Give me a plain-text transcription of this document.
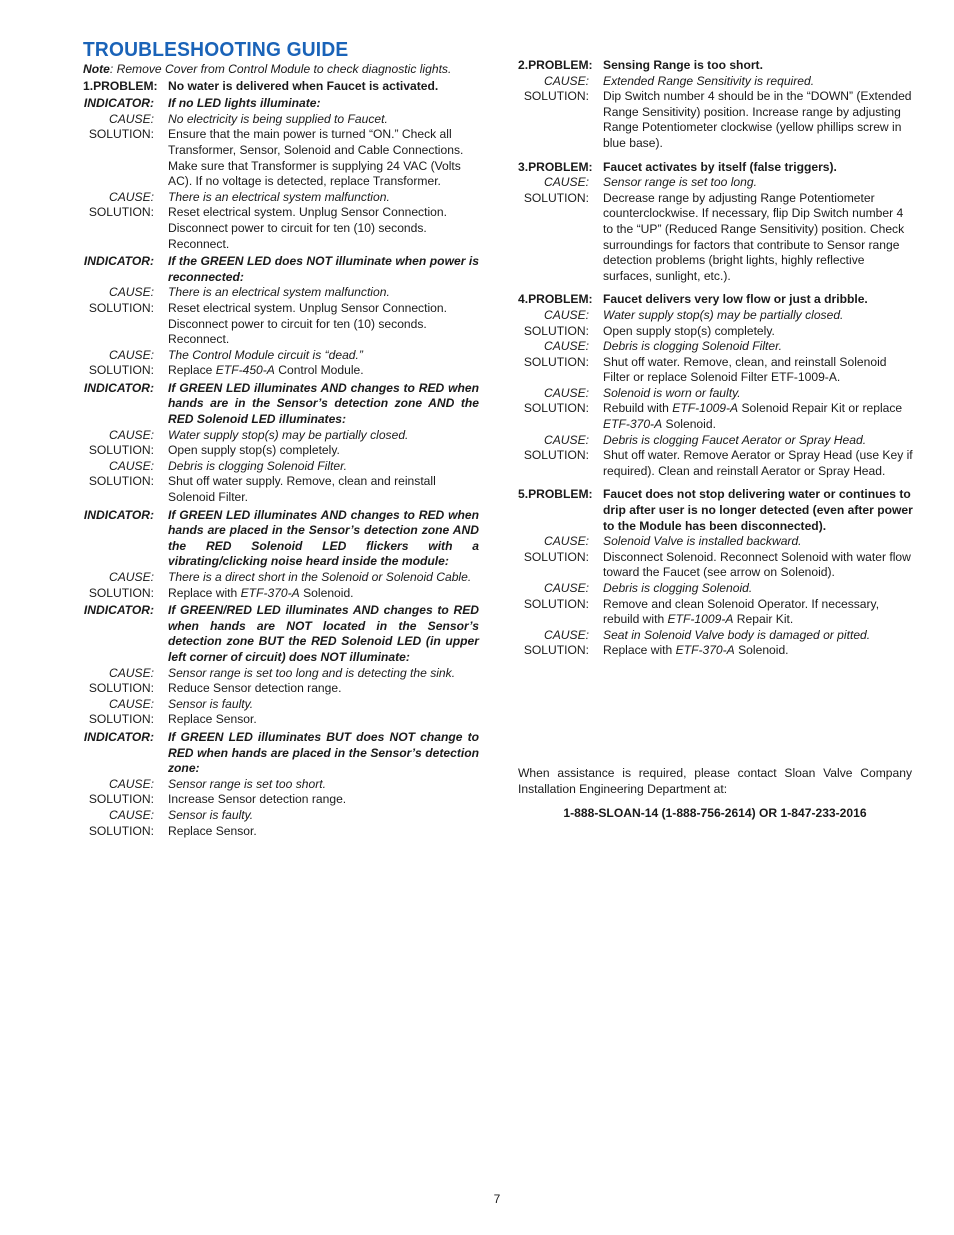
TROUBLESHOOTING GUIDE
Note: Remove Cover from Control Module to check diagnostic lights.
1.PROBLEM: No water is delivered when Faucet is activated.
INDICATOR:	If no LED lights illuminate:
CAUSE:	No electricity is being supplied to Faucet.
SOLUTION:	Ensure that the main power is turned “ON.” Check all Transformer, Sensor, Solenoid and Cable Connections. Make sure that Transformer is supplying 24 VAC (Volts AC). If no voltage is detected, replace Transformer.
CAUSE:	There is an electrical system malfunction.
SOLUTION:	Reset electrical system. Unplug Sensor Connection. Disconnect power to circuit for ten (10) seconds. Reconnect.
INDICATOR:	If the GREEN LED does NOT illuminate when power is reconnected:
CAUSE:	There is an electrical system malfunction.
SOLUTION:	Reset electrical system. Unplug Sensor Connection. Disconnect power to circuit for ten (10) seconds. Reconnect.
CAUSE:	The Control Module circuit is “dead.”
SOLUTION:	Replace ETF-450-A Control Module.
INDICATOR:	If GREEN LED illuminates AND changes to RED when hands are in the Sensor’s detection zone AND the RED Solenoid LED illuminates:
CAUSE:	Water supply stop(s) may be partially closed.
SOLUTION:	Open supply stop(s) completely.
CAUSE:	Debris is clogging Solenoid Filter.
SOLUTION:	Shut off water supply. Remove, clean and reinstall Solenoid Filter.
INDICATOR:	If GREEN LED illuminates AND changes to RED when hands are placed in the Sensor’s detection zone AND the RED Solenoid LED flickers with a vibrating/clicking noise heard inside the module:
CAUSE:	There is a direct short in the Solenoid or Solenoid Cable.
SOLUTION:	Replace with ETF-370-A Solenoid.
INDICATOR:	If GREEN/RED LED illuminates AND changes to RED when hands are NOT located in the Sensor’s detection zone BUT the RED Solenoid LED (in upper left corner of circuit) does NOT illuminate:
CAUSE:	Sensor range is set too long and is detecting the sink.
SOLUTION:	Reduce Sensor detection range.
CAUSE:	Sensor is faulty.
SOLUTION:	Replace Sensor.
INDICATOR:	If GREEN LED illuminates BUT does NOT change to RED when hands are placed in the Sensor’s detection zone:
CAUSE:	Sensor range is set too short.
SOLUTION:	Increase Sensor detection range.
CAUSE:	Sensor is faulty.
SOLUTION:	Replace Sensor.
2.PROBLEM: Sensing Range is too short.
CAUSE:	Extended Range Sensitivity is required.
SOLUTION:	Dip Switch number 4 should be in the “DOWN” (Extended Range Sensitivity) position. Increase range by adjusting Range Potentiometer clockwise (yellow phillips screw in blue base).
3.PROBLEM: Faucet activates by itself (false triggers).
CAUSE:	Sensor range is set too long.
SOLUTION:	Decrease range by adjusting Range Potentiometer counterclockwise. If necessary, flip Dip Switch number 4 to the “UP” (Reduced Range Sensitivity) position. Check surroundings for factors that contribute to Sensor range detection problems (bright lights, highly reflective surfaces, sunlight, etc.).
4.PROBLEM: Faucet delivers very low flow or just a dribble.
CAUSE:	Water supply stop(s) may be partially closed.
SOLUTION:	Open supply stop(s) completely.
CAUSE:	Debris is clogging Solenoid Filter.
SOLUTION:	Shut off water. Remove, clean, and reinstall Solenoid Filter or replace Solenoid Filter ETF-1009-A.
CAUSE:	Solenoid is worn or faulty.
SOLUTION:	Rebuild with ETF-1009-A Solenoid Repair Kit or replace ETF-370-A Solenoid.
CAUSE:	Debris is clogging Faucet Aerator or Spray Head.
SOLUTION:	Shut off water. Remove Aerator or Spray Head (use Key if required). Clean and reinstall Aerator or Spray Head.
5.PROBLEM: Faucet does not stop delivering water or continues to drip after user is no longer detected (even after power to the Module has been disconnected).
CAUSE:	Solenoid Valve is installed backward.
SOLUTION:	Disconnect Solenoid. Reconnect Solenoid with water flow toward the Faucet (see arrow on Solenoid).
CAUSE:	Debris is clogging Solenoid.
SOLUTION:	Remove and clean Solenoid Operator. If necessary, rebuild with ETF-1009-A Repair Kit.
CAUSE:	Seat in Solenoid Valve body is damaged or pitted.
SOLUTION:	Replace with ETF-370-A Solenoid.
When assistance is required, please contact Sloan Valve Company Installation Engineering Department at:
1-888-SLOAN-14 (1-888-756-2614) OR 1-847-233-2016
7
